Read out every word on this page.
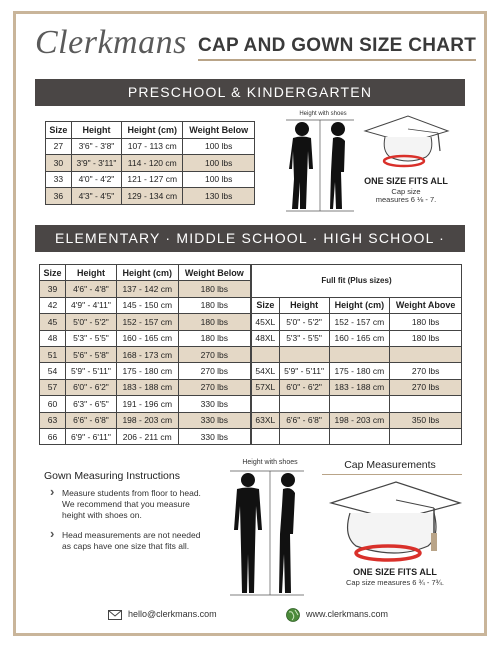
Clerkmans CAP AND GOWN SIZE CHART
PRESCHOOL & KINDERGARTEN
Size	Height	Height (cm)	Weight Below
27	3'6" - 3'8"	107 - 113 cm	100 lbs
30	3'9" - 3'11"	114 - 120 cm	100 lbs
33	4'0" - 4'2"	121 - 127 cm	100 lbs
36	4'3" - 4'5"	129 - 134 cm	130 lbs
Height with shoes
ONE SIZE FITS ALL
Cap size
measures 6 ⅛ - 7.
ELEMENTARY · MIDDLE SCHOOL · HIGH SCHOOL ·
Size	Height	Height (cm)	Weight Below
39	4'6" - 4'8"	137 - 142 cm	180 lbs
42	4'9" - 4'11"	145 - 150 cm	180 lbs
45	5'0" - 5'2"	152 - 157 cm	180 lbs
48	5'3" - 5'5"	160 - 165 cm	180 lbs
51	5'6" - 5'8"	168 - 173 cm	270 lbs
54	5'9" - 5'11"	175 - 180 cm	270 lbs
57	6'0" - 6'2"	183 - 188 cm	270 lbs
60	6'3" - 6'5"	191 - 196 cm	330 lbs
63	6'6" - 6'8"	198 - 203 cm	330 lbs
66	6'9" - 6'11"	206 - 211 cm	330 lbs
Full fit (Plus sizes)			
Size	Height	Height (cm)	Weight Above
45XL	5'0" - 5'2"	152 - 157 cm	180 lbs
48XL	5'3" - 5'5"	160 - 165 cm	180 lbs

54XL	5'9" - 5'11"	175 - 180 cm	270 lbs
57XL	6'0" - 6'2"	183 - 188 cm	270 lbs

63XL	6'6" - 6'8"	198 - 203 cm	350 lbs

Gown Measuring Instructions
› Measure students from floor to head. We recommend that you measure height with shoes on.
› Head measurements are not needed as caps have one size that fits all.
Height with shoes	Cap Measurements
ONE SIZE FITS ALL
Cap size measures 6 ¾ - 7¾.
hello@clerkmans.com	www.clerkmans.com
